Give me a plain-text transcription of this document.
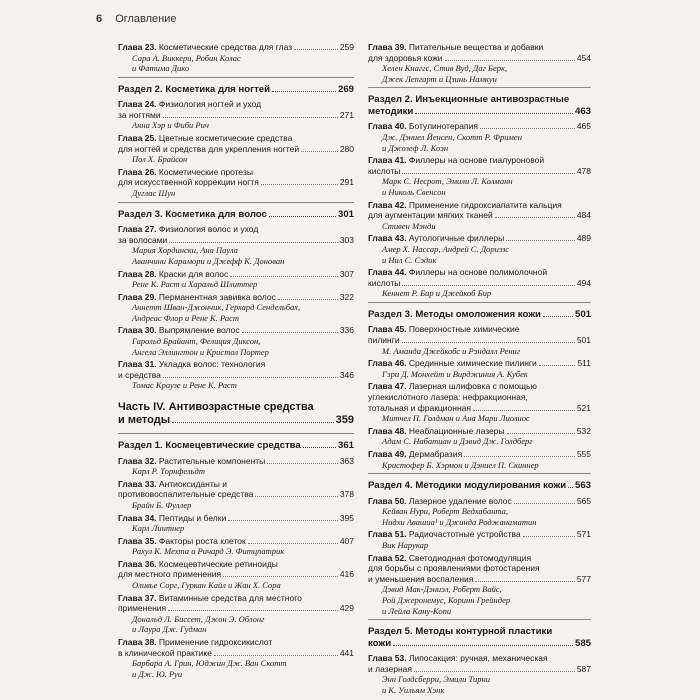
6 Оглавление
Глава 23. Косметические средства для глаз	259
Сара А. Виккери, Робин Колас
и Фатима Дико
Раздел 2. Косметика для ногтей	269
Глава 24. Физиология ногтей и уход
за ногтями	271
Анна Хэр и Фиби Рич
Глава 25. Цветные косметические средства
для ногтей и средства для укрепления ногтей	280
Пол Х. Брайсон
Глава 26. Косметические протезы
для искусственной коррекции ногтя	291
Дуглас Шун
Раздел 3. Косметика для волос	301
Глава 27. Физиология волос и уход
за волосами	303
Мария Хордински, Ана Паула
Аванчини Карамори и Джефф К. Донован
Глава 28. Краски для волос	307
Рене К. Раст и Харальд Шлиттер
Глава 29. Перманентная завивка волос	322
Аннетт Шван-Джончик, Герхард Сендельбах,
Андреас Флор и Рене К. Раст
Глава 30. Выпрямление волос	336
Гарольд Брайант, Фелиция Диксон,
Ангела Эллингтон и Кристол Портер
Глава 31. Укладка волос: технология
и средства	346
Томас Краузе и Рене К. Раст
Часть IV. Антивозрастные средства
и методы	359
Раздел 1. Космецевтические средства	361
Глава 32. Растительные компоненты	363
Карл Р. Торнфельдт
Глава 33. Антиоксиданты и
противовоспалительные средства	378
Брайн Б. Фуллер
Глава 34. Пептиды и белки	395
Карл Линтнер
Глава 35. Факторы роста клеток	407
Рахул К. Мехта и Ричард Э. Фитцпатрик
Глава 36. Космецевтические ретиноиды
для местного применения	416
Оливье Сорг, Гуркан Кайл и Жан Х. Сора
Глава 37. Витаминные средства для местного
применения	429
Дональд Л. Биссет, Джон Э. Облонг
и Лаура Дж. Гудман
Глава 38. Применение гидроксикислот
в клинической практике	441
Барбара А. Грин, Юджин Дж. Ван Скотт
и Дж. Ю. Руи
Глава 39. Питательные вещества и добавки
для здоровья кожи	454
Хелен Кнаггс, Стив Вуд, Даг Берк,
Джек Лепгарт и Цзинь Намкун
Раздел 2. Инъекционные антивозрастные
методики	463
Глава 40. Ботулинотерапия	465
Дж. Дэниел Йенсен, Скотт Р. Фримен
и Джозеф Л. Коэн
Глава 41. Филлеры на основе гиалуроновой
кислоты	478
Марк С. Несрот, Эмили Л. Колманн
и Николь Свенсон
Глава 42. Применение гидроксиапатита кальция
для аугментации мягких тканей	484
Стивен Мэнди
Глава 43. Аутологичные филлеры	489
Амер Х. Нассар, Андрей С. Дориззс
и Нил С. Сэдик
Глава 44. Филлеры на основе полимолочной
кислоты	494
Кеннет Р. Бир и Джейкоб Бир
Раздел 3. Методы омоложения кожи	501
Глава 45. Поверхностные химические
пилинги	501
М. Аманда Джейкобс и Рэндалл Рениг
Глава 46. Срединные химические пилинги	511
Гэри Д. Монхейт и Вирджиния А. Кубек
Глава 47. Лазерная шлифовка с помощью
углекислотного лазера: нефракционная,
тотальная и фракционная	521
Митчел П. Голдман и Ана Мари Лиолиос
Глава 48. Неаблационные лазеры	532
Адам С. Набатиан и Дэвид Дж. Голдберг
Глава 49. Дермабразия	555
Кристофер Б. Хэрмон и Дэниел П. Скиннер
Раздел 4. Методики модулирования кожи 563
Глава 50. Лазерное удаление волос	565
Кейван Нури, Роберт Ведхабанта,
Нидхи Авашиа¹ и Джинда Роджанаматин
Глава 51. Радиочастотные устройства	571
Вик Нарукар
Глава 52. Светодиодная фотомодуляция
для борьбы с проявлениями фотостарения
и уменьшения воспаления	577
Дэвид Мак-Дэниэл, Роберт Вайс,
Рой Джеронемус, Коринн Грейндер
и Лейла Кану-Копи
Раздел 5. Методы контурной пластики
кожи	585
Глава 53. Липосакция: ручная, механическая
и лазерная	587
Энн Голдсберри, Эмили Тирни
и К. Уильям Хэнк
